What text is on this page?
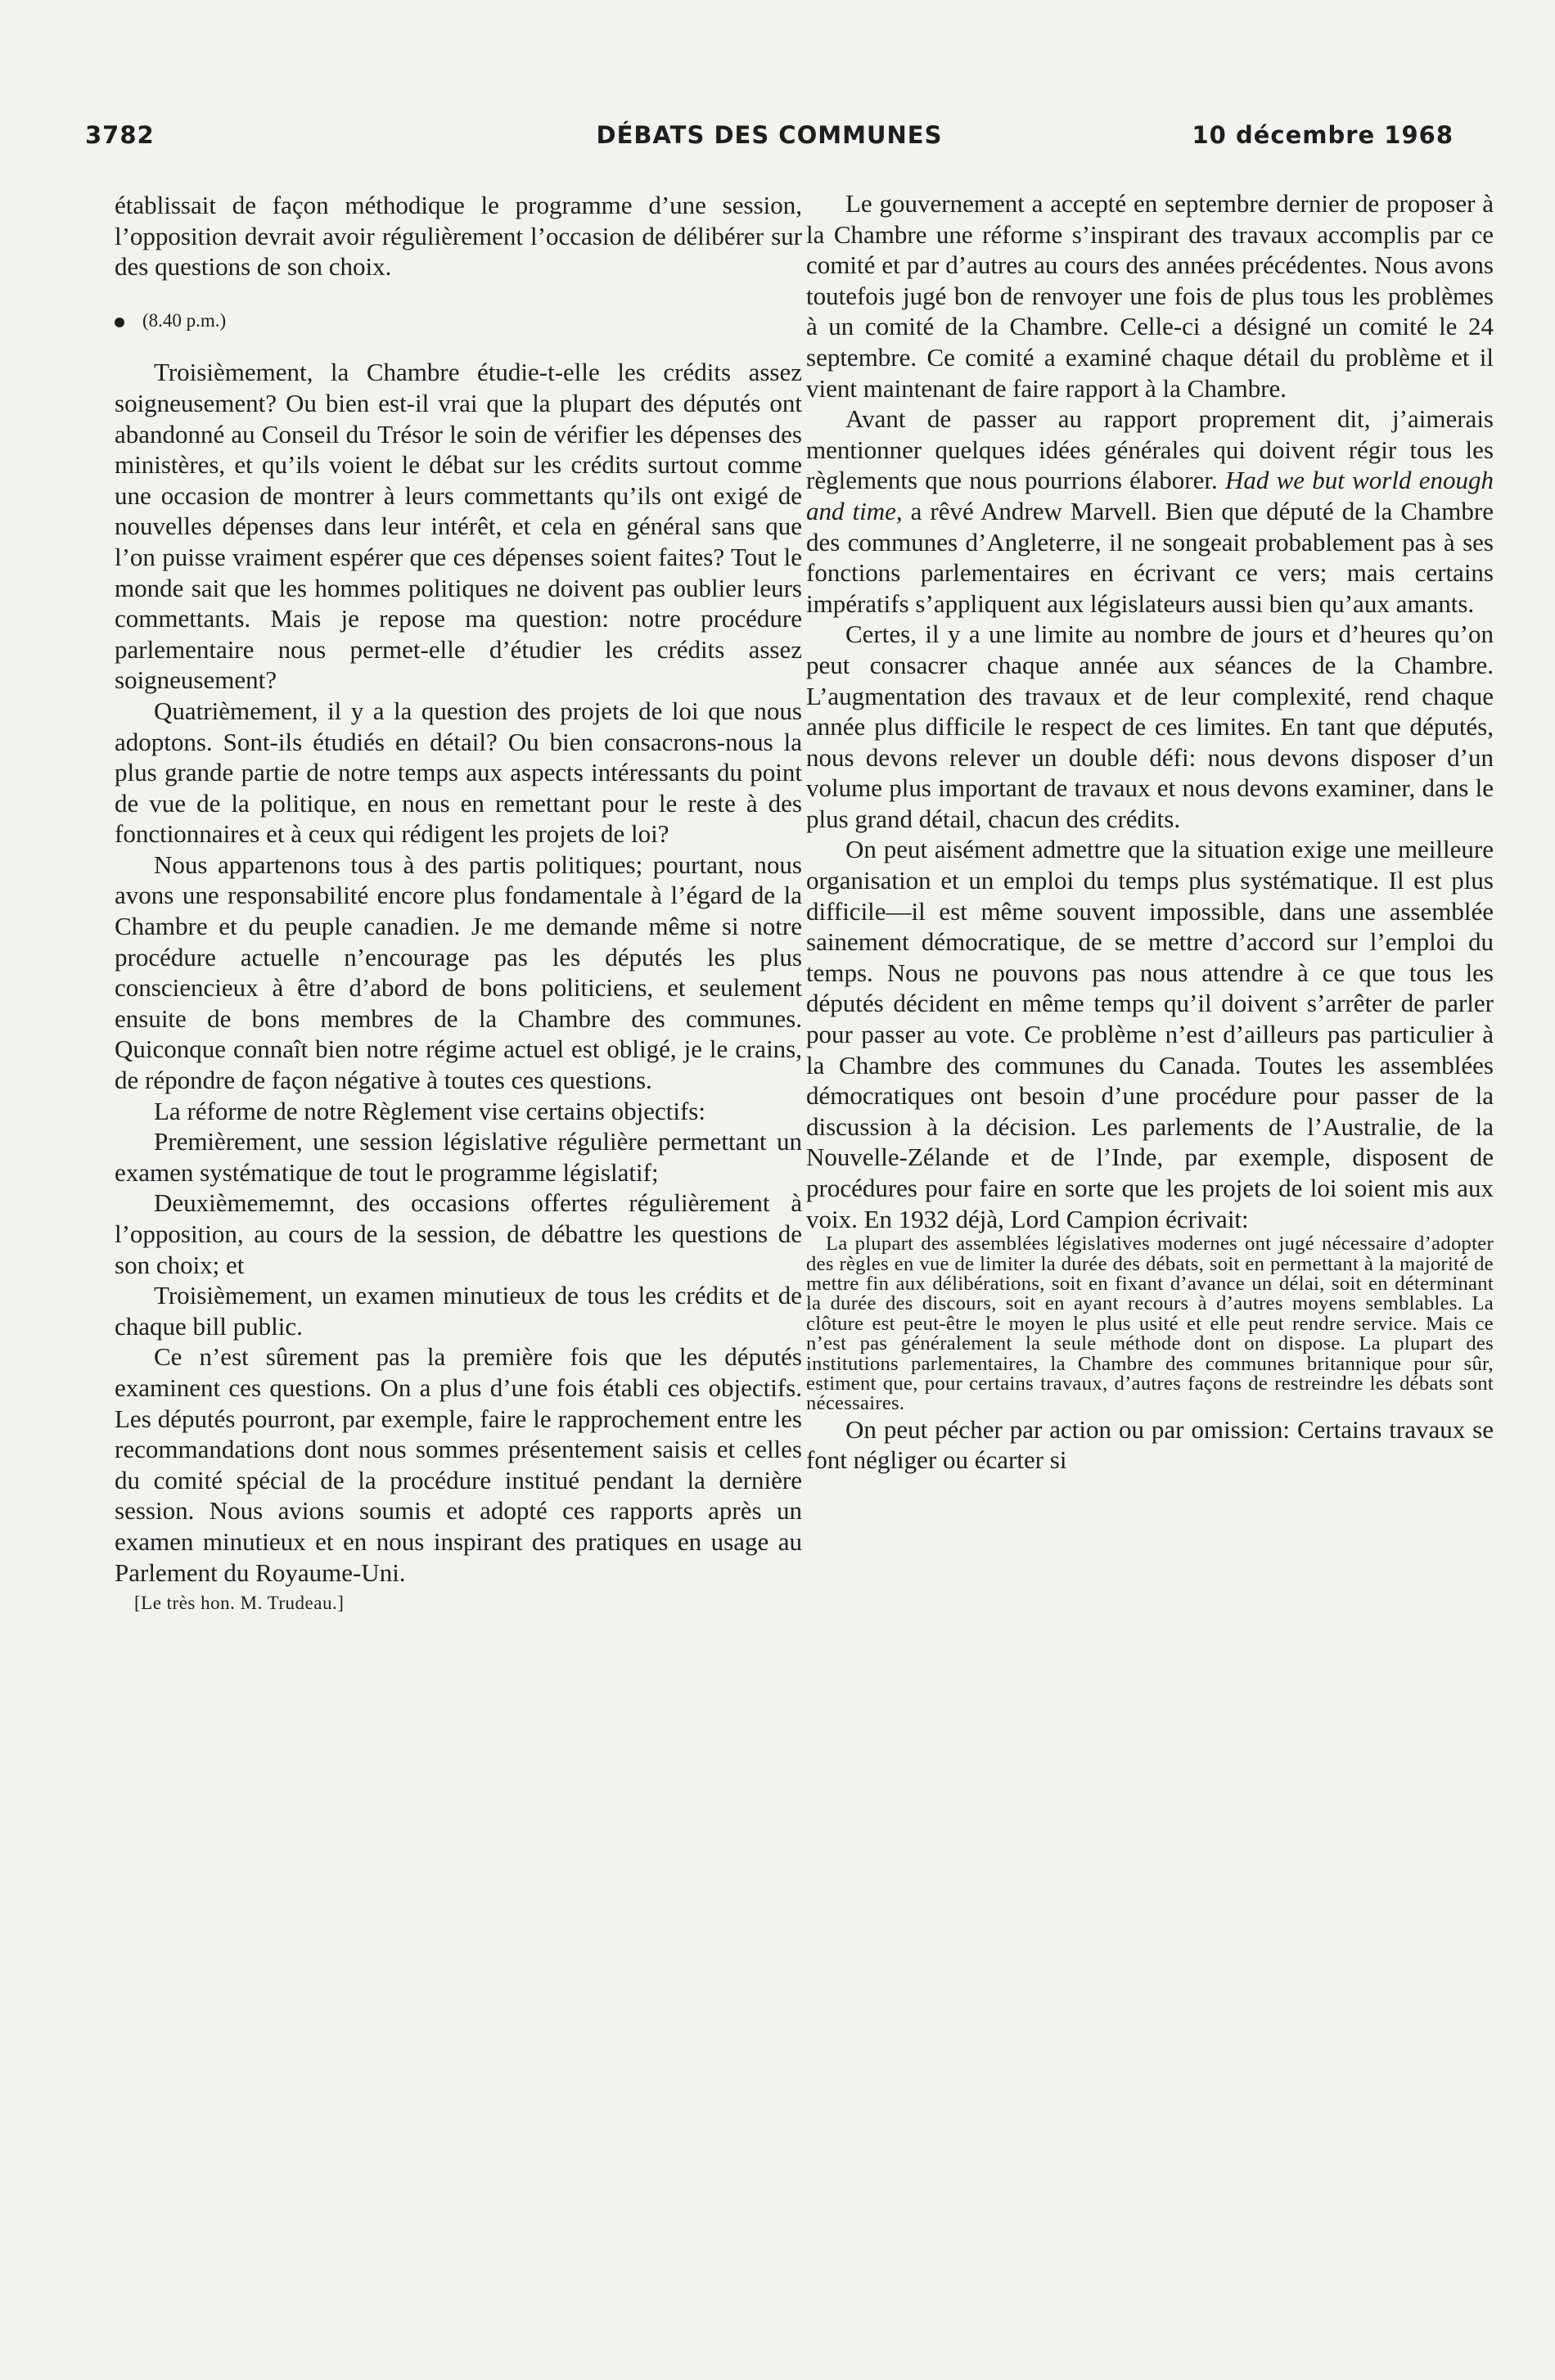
3782	DÉBATS DES COMMUNES	10 décembre 1968

établissait de façon méthodique le programme d’une session, l’opposition devrait avoir régulièrement l’occasion de délibérer sur des questions de son choix.

(8.40 p.m.)

Troisièmement, la Chambre étudie-t-elle les crédits assez soigneusement? Ou bien est-il vrai que la plupart des députés ont abandonné au Conseil du Trésor le soin de vérifier les dépenses des ministères, et qu’ils voient le débat sur les crédits surtout comme une occasion de montrer à leurs commettants qu’ils ont exigé de nouvelles dépenses dans leur intérêt, et cela en général sans que l’on puisse vraiment espérer que ces dépenses soient faites? Tout le monde sait que les hommes politiques ne doivent pas oublier leurs commettants. Mais je repose ma question: notre procédure parlementaire nous permet-elle d’étudier les crédits assez soigneusement?

Quatrièmement, il y a la question des projets de loi que nous adoptons. Sont-ils étudiés en détail? Ou bien consacrons-nous la plus grande partie de notre temps aux aspects intéressants du point de vue de la politique, en nous en remettant pour le reste à des fonctionnaires et à ceux qui rédigent les projets de loi?

Nous appartenons tous à des partis politiques; pourtant, nous avons une responsabilité encore plus fondamentale à l’égard de la Chambre et du peuple canadien. Je me demande même si notre procédure actuelle n’encourage pas les députés les plus consciencieux à être d’abord de bons politiciens, et seulement ensuite de bons membres de la Chambre des communes. Quiconque connaît bien notre régime actuel est obligé, je le crains, de répondre de façon négative à toutes ces questions.

La réforme de notre Règlement vise certains objectifs:

Premièrement, une session législative régulière permettant un examen systématique de tout le programme législatif;

Deuxièmememnt, des occasions offertes régulièrement à l’opposition, au cours de la session, de débattre les questions de son choix; et

Troisièmement, un examen minutieux de tous les crédits et de chaque bill public.

Ce n’est sûrement pas la première fois que les députés examinent ces questions. On a plus d’une fois établi ces objectifs. Les députés pourront, par exemple, faire le rapprochement entre les recommandations dont nous sommes présentement saisis et celles du comité spécial de la procédure institué pendant la dernière session. Nous avions soumis et adopté ces rapports après un examen minutieux et en nous inspirant des pratiques en usage au Parlement du Royaume-Uni.

[Le très hon. M. Trudeau.]

Le gouvernement a accepté en septembre dernier de proposer à la Chambre une réforme s’inspirant des travaux accomplis par ce comité et par d’autres au cours des années précédentes. Nous avons toutefois jugé bon de renvoyer une fois de plus tous les problèmes à un comité de la Chambre. Celle-ci a désigné un comité le 24 septembre. Ce comité a examiné chaque détail du problème et il vient maintenant de faire rapport à la Chambre.

Avant de passer au rapport proprement dit, j’aimerais mentionner quelques idées générales qui doivent régir tous les règlements que nous pourrions élaborer. Had we but world enough and time, a rêvé Andrew Marvell. Bien que député de la Chambre des communes d’Angleterre, il ne songeait probablement pas à ses fonctions parlementaires en écrivant ce vers; mais certains impératifs s’appliquent aux législateurs aussi bien qu’aux amants.

Certes, il y a une limite au nombre de jours et d’heures qu’on peut consacrer chaque année aux séances de la Chambre. L’augmentation des travaux et de leur complexité, rend chaque année plus difficile le respect de ces limites. En tant que députés, nous devons relever un double défi: nous devons disposer d’un volume plus important de travaux et nous devons examiner, dans le plus grand détail, chacun des crédits.

On peut aisément admettre que la situation exige une meilleure organisation et un emploi du temps plus systématique. Il est plus difficile—il est même souvent impossible, dans une assemblée sainement démocratique, de se mettre d’accord sur l’emploi du temps. Nous ne pouvons pas nous attendre à ce que tous les députés décident en même temps qu’il doivent s’arrêter de parler pour passer au vote. Ce problème n’est d’ailleurs pas particulier à la Chambre des communes du Canada. Toutes les assemblées démocratiques ont besoin d’une procédure pour passer de la discussion à la décision. Les parlements de l’Australie, de la Nouvelle-Zélande et de l’Inde, par exemple, disposent de procédures pour faire en sorte que les projets de loi soient mis aux voix. En 1932 déjà, Lord Campion écrivait:

La plupart des assemblées législatives modernes ont jugé nécessaire d’adopter des règles en vue de limiter la durée des débats, soit en permettant à la majorité de mettre fin aux délibérations, soit en fixant d’avance un délai, soit en déterminant la durée des discours, soit en ayant recours à d’autres moyens semblables. La clôture est peut-être le moyen le plus usité et elle peut rendre service. Mais ce n’est pas généralement la seule méthode dont on dispose. La plupart des institutions parlementaires, la Chambre des communes britannique pour sûr, estiment que, pour certains travaux, d’autres façons de restreindre les débats sont nécessaires.

On peut pécher par action ou par omission: Certains travaux se font négliger ou écarter si
